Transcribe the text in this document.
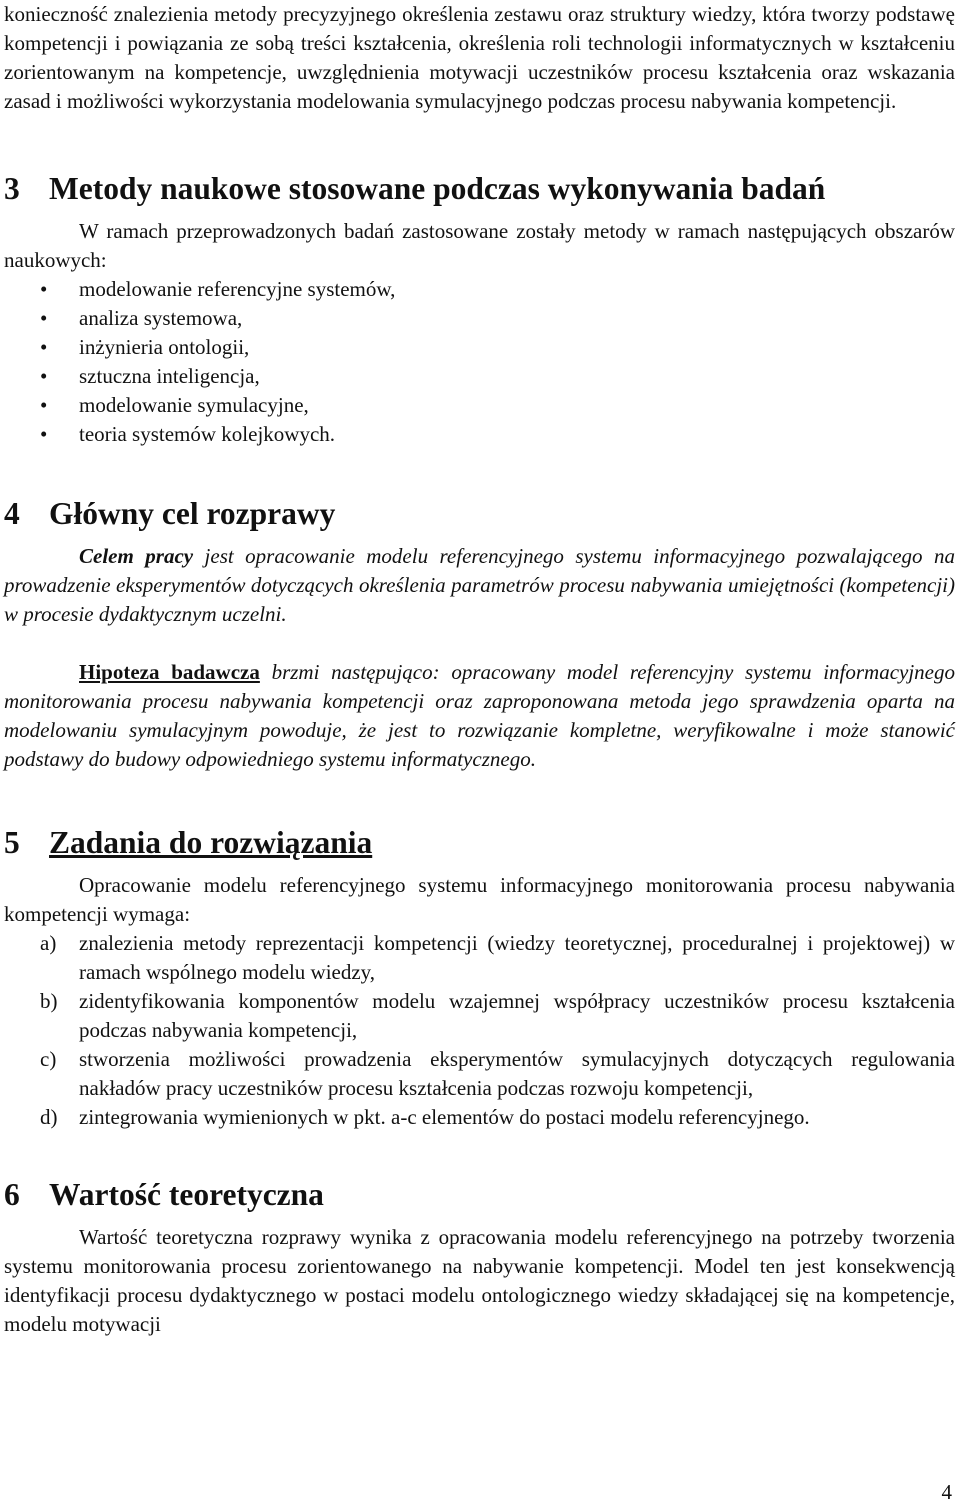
konieczność znalezienia metody precyzyjnego określenia zestawu oraz struktury wiedzy, która tworzy podstawę kompetencji i powiązania ze sobą treści kształcenia, określenia roli technologii informatycznych w kształceniu zorientowanym na kompetencje, uwzględnienia motywacji uczestników procesu kształcenia oraz wskazania zasad i możliwości wykorzystania modelowania symulacyjnego podczas procesu nabywania kompetencji.

3 Metody naukowe stosowane podczas wykonywania badań

W ramach przeprowadzonych badań zastosowane zostały metody w ramach następujących obszarów naukowych:

• modelowanie referencyjne systemów,
• analiza systemowa,
• inżynieria ontologii,
• sztuczna inteligencja,
• modelowanie symulacyjne,
• teoria systemów kolejkowych.
4 Główny cel rozprawy

Celem pracy jest opracowanie modelu referencyjnego systemu informacyjnego pozwalającego na prowadzenie eksperymentów dotyczących określenia parametrów procesu nabywania umiejętności (kompetencji) w procesie dydaktycznym uczelni.

Hipoteza badawcza brzmi następująco: opracowany model referencyjny systemu informacyjnego monitorowania procesu nabywania kompetencji oraz zaproponowana metoda jego sprawdzenia oparta na modelowaniu symulacyjnym powoduje, że jest to rozwiązanie kompletne, weryfikowalne i może stanowić podstawy do budowy odpowiedniego systemu informatycznego.

5 Zadania do rozwiązania

Opracowanie modelu referencyjnego systemu informacyjnego monitorowania procesu nabywania kompetencji wymaga:

a) znalezienia metody reprezentacji kompetencji (wiedzy teoretycznej, proceduralnej i projektowej) w ramach wspólnego modelu wiedzy,
b) zidentyfikowania komponentów modelu wzajemnej współpracy uczestników procesu kształcenia podczas nabywania kompetencji,
c) stworzenia możliwości prowadzenia eksperymentów symulacyjnych dotyczących regulowania nakładów pracy uczestników procesu kształcenia podczas rozwoju kompetencji,
d) zintegrowania wymienionych w pkt. a-c elementów do postaci modelu referencyjnego.
6 Wartość teoretyczna

Wartość teoretyczna rozprawy wynika z opracowania modelu referencyjnego na potrzeby tworzenia systemu monitorowania procesu zorientowanego na nabywanie kompetencji. Model ten jest konsekwencją identyfikacji procesu dydaktycznego w postaci modelu ontologicznego wiedzy składającej się na kompetencje, modelu motywacji

4
